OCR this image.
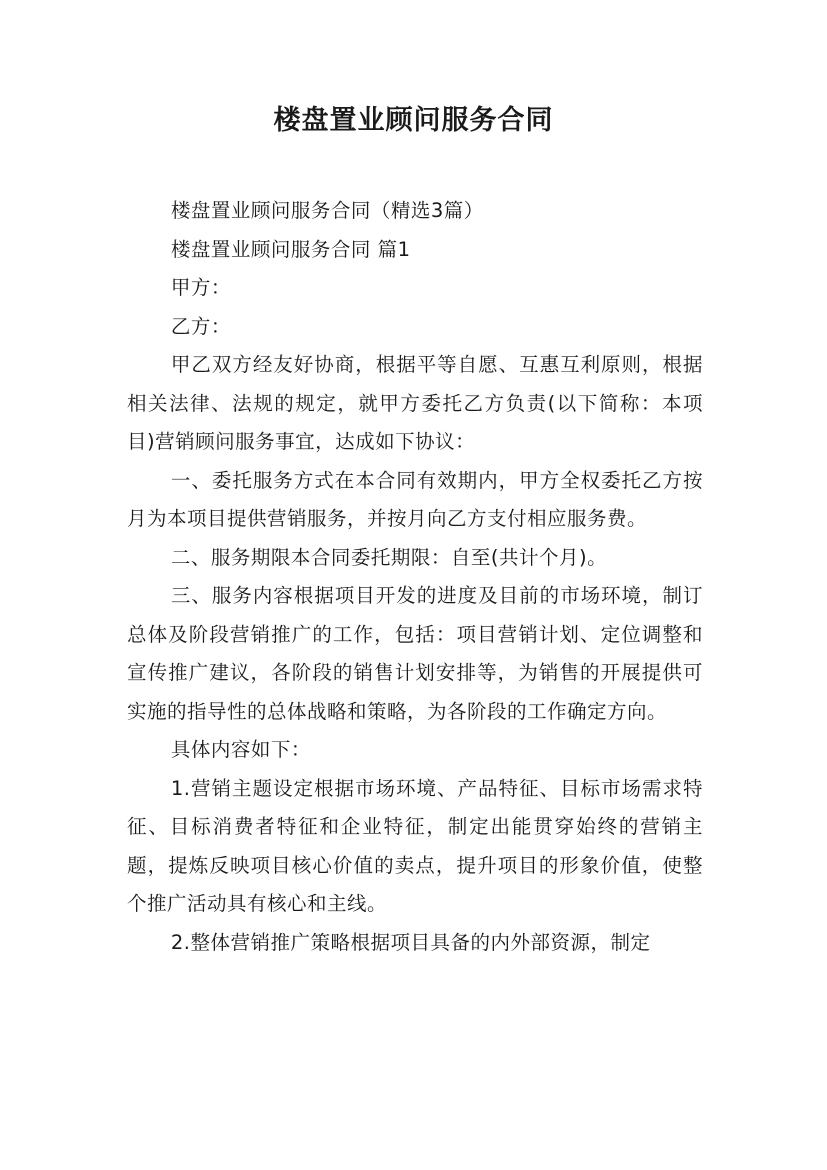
楼盘置业顾问服务合同

楼盘置业顾问服务合同（精选3篇）

楼盘置业顾问服务合同 篇1

甲方：

乙方：

甲乙双方经友好协商，根据平等自愿、互惠互利原则，根据相关法律、法规的规定，就甲方委托乙方负责(以下简称：本项目)营销顾问服务事宜，达成如下协议：

一、委托服务方式在本合同有效期内，甲方全权委托乙方按月为本项目提供营销服务，并按月向乙方支付相应服务费。

二、服务期限本合同委托期限：自至(共计个月)。

三、服务内容根据项目开发的进度及目前的市场环境，制订总体及阶段营销推广的工作，包括：项目营销计划、定位调整和宣传推广建议，各阶段的销售计划安排等，为销售的开展提供可实施的指导性的总体战略和策略，为各阶段的工作确定方向。

具体内容如下：

1.营销主题设定根据市场环境、产品特征、目标市场需求特征、目标消费者特征和企业特征，制定出能贯穿始终的营销主题，提炼反映项目核心价值的卖点，提升项目的形象价值，使整个推广活动具有核心和主线。

2.整体营销推广策略根据项目具备的内外部资源，制定
